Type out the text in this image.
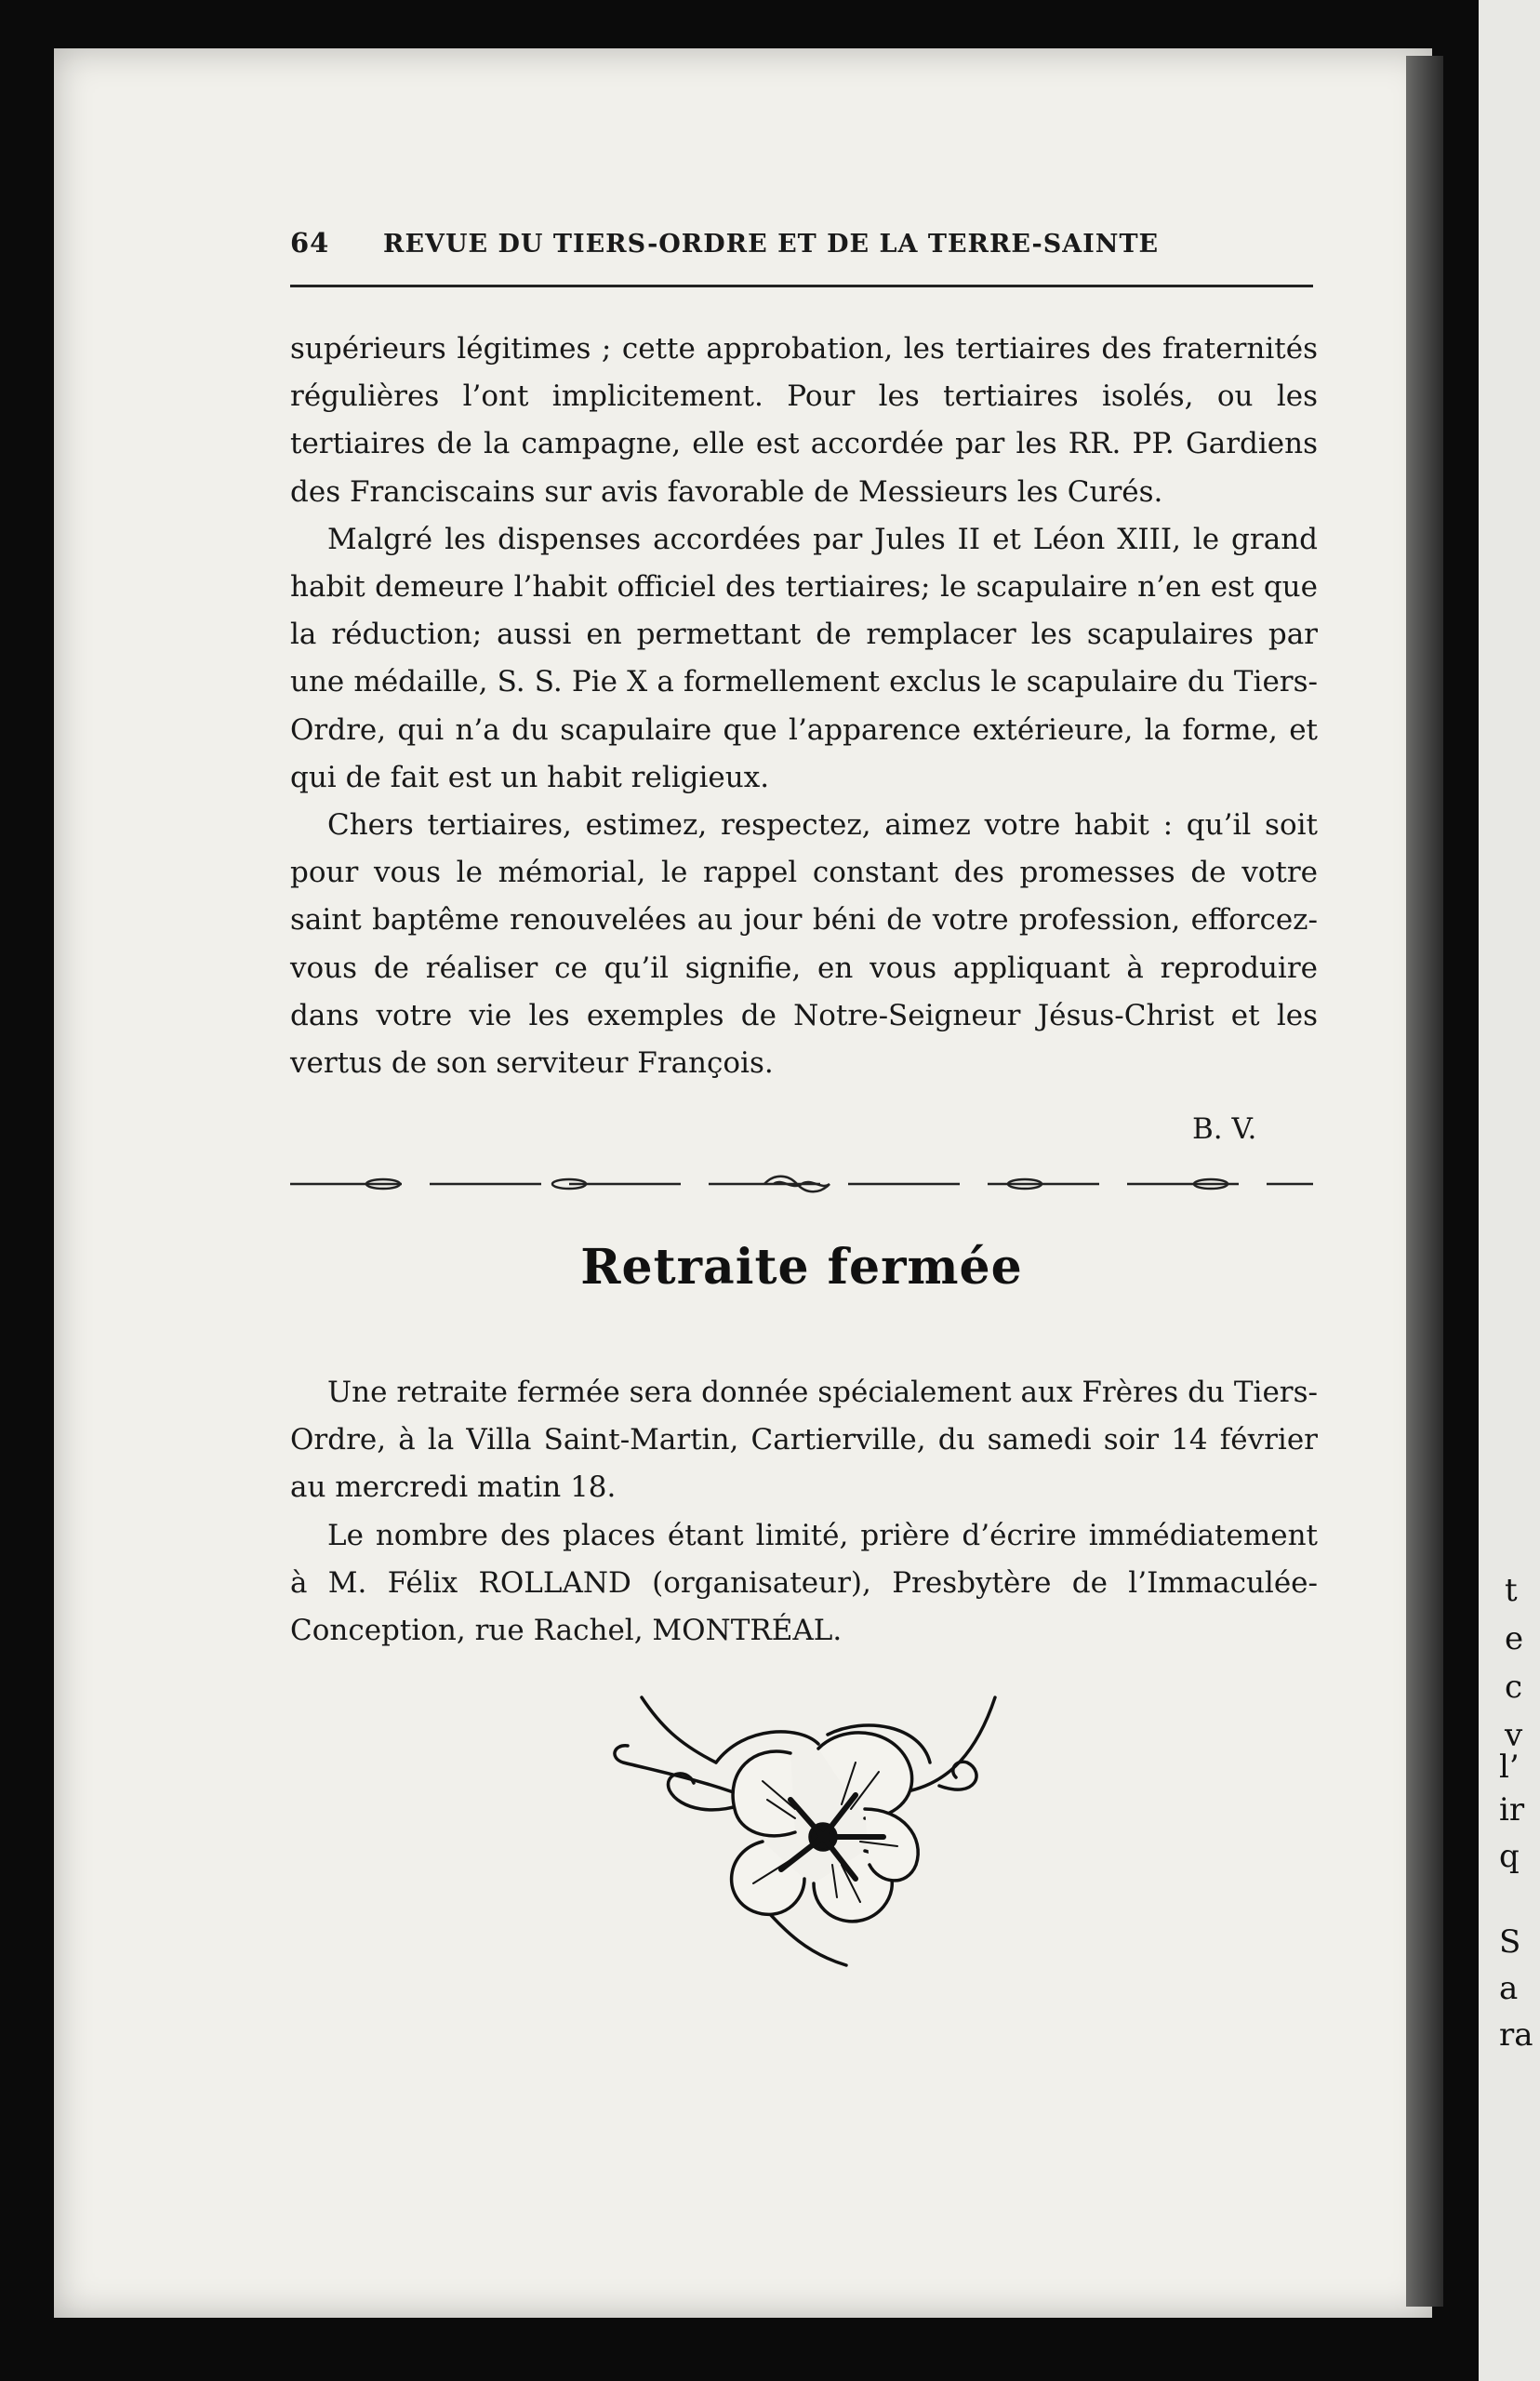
t
e
c
v
l’
ir
q
S
a
ra
64	REVUE DU TIERS-ORDRE ET DE LA TERRE-SAINTE

supérieurs légitimes ; cette approbation, les tertiaires des fraternités régulières l’ont implicitement. Pour les tertiaires isolés, ou les tertiaires de la campagne, elle est accordée par les RR. PP. Gardiens des Franciscains sur avis favorable de Messieurs les Curés.

Malgré les dispenses accordées par Jules II et Léon XIII, le grand habit demeure l’habit officiel des tertiaires; le scapulaire n’en est que la réduction; aussi en permettant de remplacer les scapulaires par une médaille, S. S. Pie X a formellement exclus le scapulaire du Tiers-Ordre, qui n’a du scapulaire que l’apparence extérieure, la forme, et qui de fait est un habit religieux.

Chers tertiaires, estimez, respectez, aimez votre habit : qu’il soit pour vous le mémorial, le rappel constant des promesses de votre saint baptême renouvelées au jour béni de votre profession, efforcez-vous de réaliser ce qu’il signifie, en vous appliquant à reproduire dans votre vie les exemples de Notre-Seigneur Jésus-Christ et les vertus de son serviteur François.

B. V.
Retraite fermée

Une retraite fermée sera donnée spécialement aux Frères du Tiers-Ordre, à la Villa Saint-Martin, Cartierville, du samedi soir 14 février au mercredi matin 18.

Le nombre des places étant limité, prière d’écrire immédiatement à M. Félix ROLLAND (organisateur), Presbytère de l’Immaculée-Conception, rue Rachel, MONTRÉAL.
